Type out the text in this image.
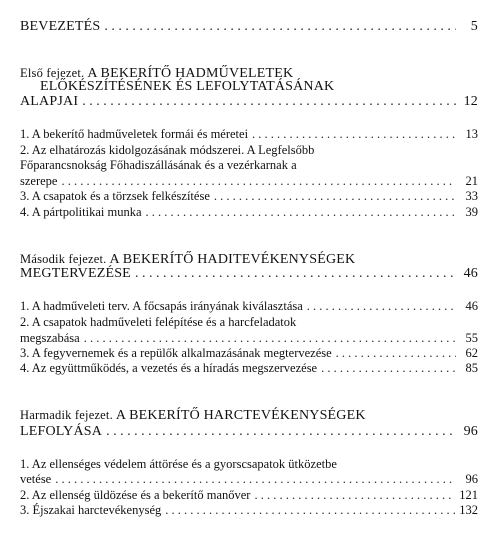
BEVEZETÉS . . .	5
Első fejezet. A BEKERÍTŐ HADMŰVELETEK
ELŐKÉSZÍTÉSÉNEK ÉS LEFOLYTATÁSÁNAK
ALAPJAI . . .	12
1. A bekerítő hadműveletek formái és méretei . . .	13
2. Az elhatározás kidolgozásának módszerei. A Legfelsőbb
Főparancsnokság Főhadiszállásának és a vezérkarnak a
szerepe . . .	21
3. A csapatok és a törzsek felkészítése . . .	33
4. A pártpolitikai munka . . .	39
Második fejezet. A BEKERÍTŐ HADITEVÉKENYSÉGEK
MEGTERVEZÉSE . . .	46
1. A hadműveleti terv. A főcsapás irányának kiválasztása . . .	46
2. A csapatok hadműveleti felépítése és a harcfeladatok
megszabása . . .	55
3. A fegyvernemek és a repülők alkalmazásának megtervezése . . .	62
4. Az együttműködés, a vezetés és a híradás megszervezése . . .	85
Harmadik fejezet. A BEKERÍTŐ HARCTEVÉKENYSÉGEK
LEFOLYÁSA . . .	96
1. Az ellenséges védelem áttörése és a gyorscsapatok ütközetbe
vetése . . .	96
2. Az ellenség üldözése és a bekerítő manőver . . .	121
3. Éjszakai harctevékenység . . .	132
